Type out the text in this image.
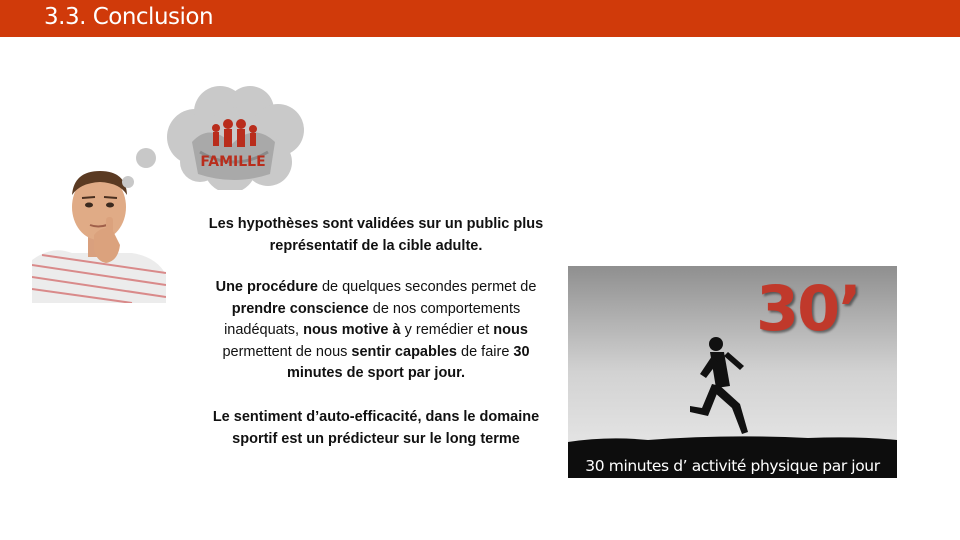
3.3. Conclusion
FAMILLE
Les hypothèses sont validées sur un public plus représentatif de la cible adulte.
Une procédure de quelques secondes permet de prendre conscience de nos comportements inadéquats, nous motive à y remédier et nous permettent de nous sentir capables de faire 30 minutes de sport par jour.
Le sentiment d’auto-efficacité, dans le domaine sportif est un prédicteur sur le long terme
30’
30 minutes d’ activité physique par jour
